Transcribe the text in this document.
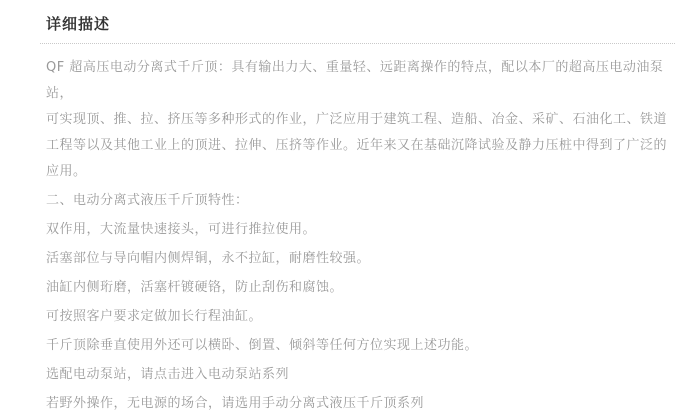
详细描述

QF 超高压电动分离式千斤顶：具有输出力大、重量轻、远距离操作的特点，配以本厂的超高压电动油泵站，

可实现顶、推、拉、挤压等多种形式的作业，广泛应用于建筑工程、造船、冶金、采矿、石油化工、铁道

工程等以及其他工业上的顶进、拉伸、压挤等作业。近年来又在基础沉降试验及静力压桩中得到了广泛的

应用。

二、电动分离式液压千斤顶特性：

双作用，大流量快速接头，可进行推拉使用。

活塞部位与导向帽内侧焊铜，永不拉缸，耐磨性较强。

油缸内侧珩磨，活塞杆镀硬铬，防止刮伤和腐蚀。

可按照客户要求定做加长行程油缸。

千斤顶除垂直使用外还可以横卧、倒置、倾斜等任何方位实现上述功能。

选配电动泵站，请点击进入电动泵站系列

若野外操作，无电源的场合，请选用手动分离式液压千斤顶系列
